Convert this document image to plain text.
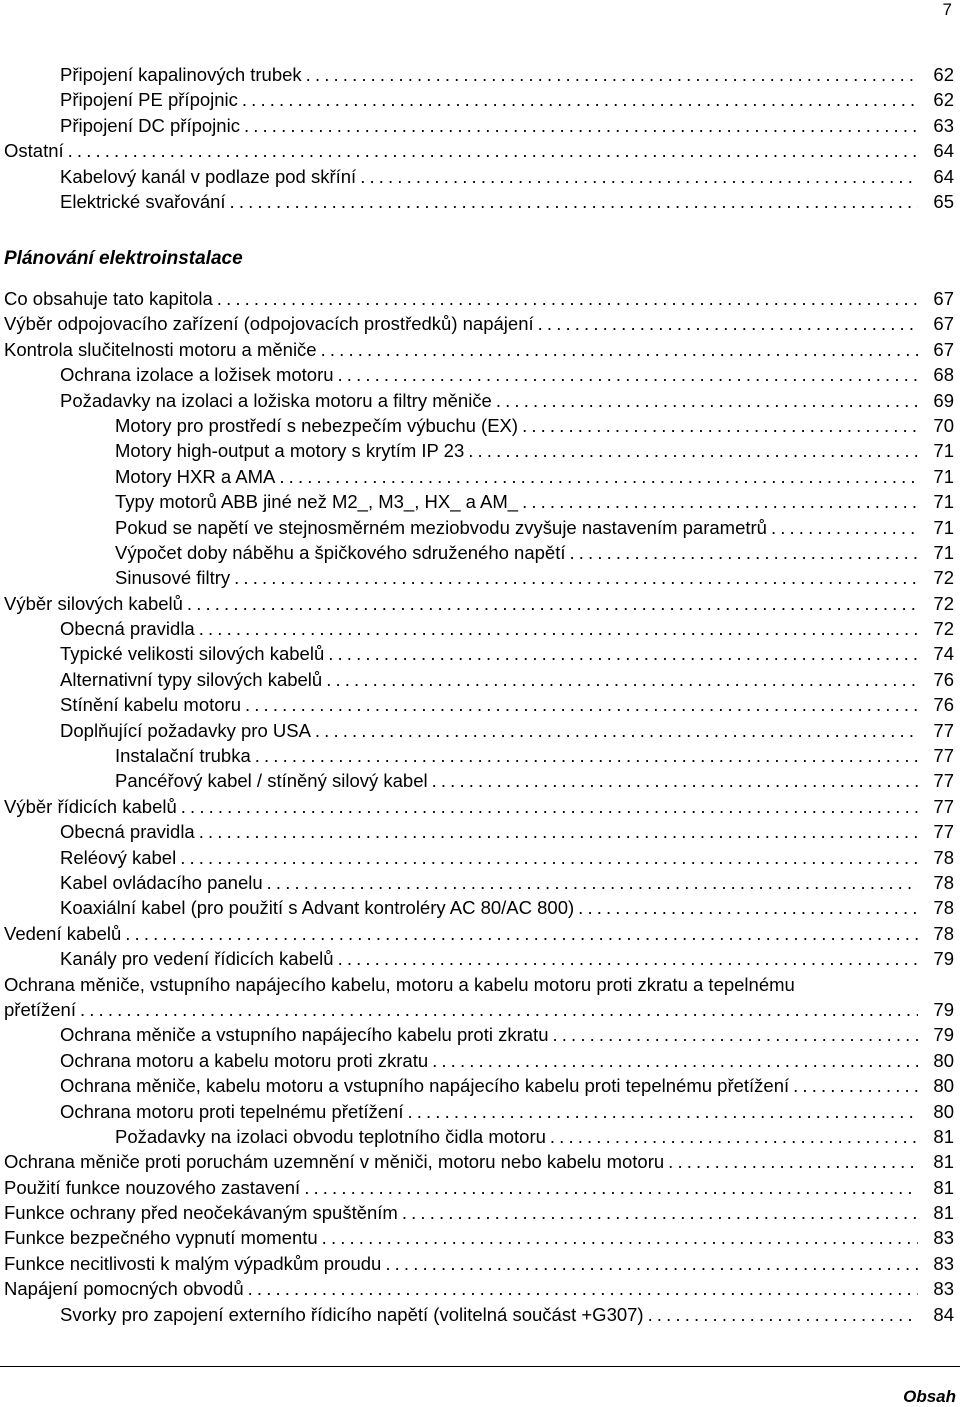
7
Připojení kapalinových trubek . . .	62
Připojení PE přípojnic . . .	62
Připojení DC přípojnic . . .	63
Ostatní . . .	64
Kabelový kanál v podlaze pod skříní . . .	64
Elektrické svařování . . .	65
Plánování elektroinstalace
Co obsahuje tato kapitola . . .	67
Výběr odpojovacího zařízení (odpojovacích prostředků) napájení . . .	67
Kontrola slučitelnosti motoru a měniče . . .	67
Ochrana izolace a ložisek motoru . . .	68
Požadavky na izolaci a ložiska motoru a filtry měniče . . .	69
Motory pro prostředí s nebezpečím výbuchu (EX) . . .	70
Motory high-output a motory s krytím IP 23 . . .	71
Motory HXR a AMA . . .	71
Typy motorů ABB jiné než M2_, M3_, HX_ a AM_ . . .	71
Pokud se napětí ve stejnosměrném meziobvodu zvyšuje nastavením parametrů . . .	71
Výpočet doby náběhu a špičkového sdruženého napětí . . .	71
Sinusové filtry . . .	72
Výběr silových kabelů . . .	72
Obecná pravidla . . .	72
Typické velikosti silových kabelů . . .	74
Alternativní typy silových kabelů . . .	76
Stínění kabelu motoru . . .	76
Doplňující požadavky pro USA . . .	77
Instalační trubka . . .	77
Pancéřový kabel / stíněný silový kabel . . .	77
Výběr řídicích kabelů . . .	77
Obecná pravidla . . .	77
Reléový kabel . . .	78
Kabel ovládacího panelu . . .	78
Koaxiální kabel (pro použití s Advant kontroléry AC 80/AC 800) . . .	78
Vedení kabelů . . .	78
Kanály pro vedení řídicích kabelů . . .	79
Ochrana měniče, vstupního napájecího kabelu, motoru a kabelu motoru proti zkratu a tepelnému
přetížení . . .	79
Ochrana měniče a vstupního napájecího kabelu proti zkratu . . .	79
Ochrana motoru a kabelu motoru proti zkratu . . .	80
Ochrana měniče, kabelu motoru a vstupního napájecího kabelu proti tepelnému přetížení . . .	80
Ochrana motoru proti tepelnému přetížení . . .	80
Požadavky na izolaci obvodu teplotního čidla motoru . . .	81
Ochrana měniče proti poruchám uzemnění v měniči, motoru nebo kabelu motoru . . .	81
Použití funkce nouzového zastavení . . .	81
Funkce ochrany před neočekávaným spuštěním . . .	81
Funkce bezpečného vypnutí momentu . . .	83
Funkce necitlivosti k malým výpadkům proudu . . .	83
Napájení pomocných obvodů . . .	83
Svorky pro zapojení externího řídicího napětí (volitelná součást +G307) . . .	84
Obsah
